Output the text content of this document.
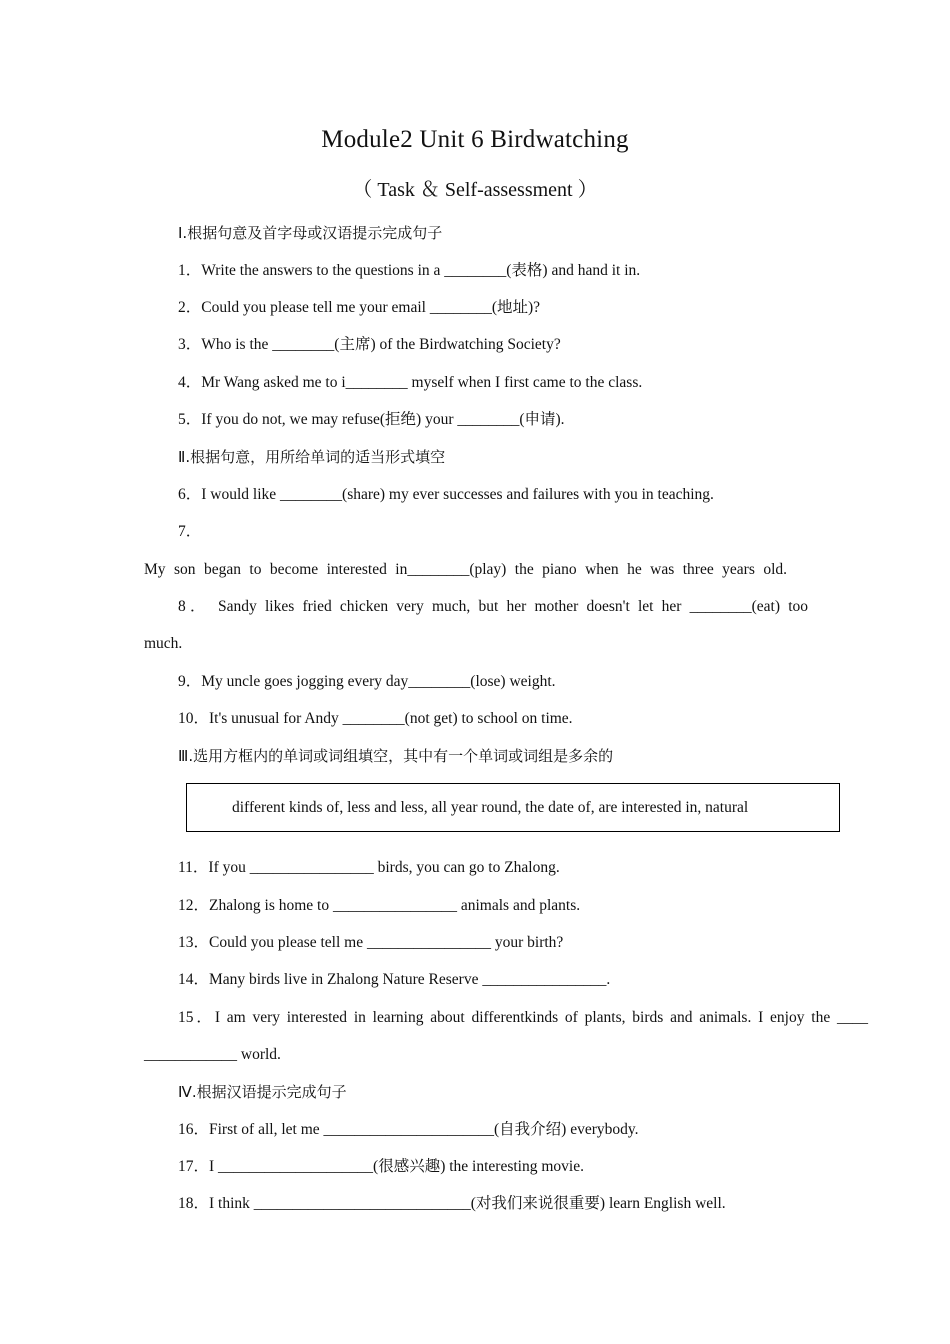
Module2 Unit 6 Birdwatching
（ Task ＆ Self-assessment ）
Ⅰ.根据句意及首字母或汉语提示完成句子
1．Write the answers to the questions in a ________(表格) and hand it in.
2．Could you please tell me your email ________(地址)?
3．Who is the ________(主席) of the Birdwatching Society?
4．Mr Wang asked me to i________ myself when I first came to the class.
5．If you do not, we may refuse(拒绝) your ________(申请).
Ⅱ.根据句意，用所给单词的适当形式填空
6．I would like ________(share) my ever successes and failures with you in teaching.
7．
My son began to become interested in________(play) the piano when he was three years old.
8． Sandy likes fried chicken very much, but her mother doesn't let her ________(eat) too
much.
9．My uncle goes jogging every day________(lose) weight.
10．It's unusual for Andy ________(not get) to school on time.
Ⅲ.选用方框内的单词或词组填空，其中有一个单词或词组是多余的
different kinds of, less and less, all year round, the date of, are interested in, natural
11．If you ________________ birds, you can go to Zhalong.
12．Zhalong is home to ________________ animals and plants.
13．Could you please tell me ________________ your birth?
14．Many birds live in Zhalong Nature Reserve ________________.
15．I am very interested in learning about differentkinds of plants, birds and animals. I enjoy the ____
____________ world.
Ⅳ.根据汉语提示完成句子
16．First of all, let me ______________________(自我介绍) everybody.
17．I ____________________(很感兴趣) the interesting movie.
18．I think ____________________________(对我们来说很重要) learn English well.
